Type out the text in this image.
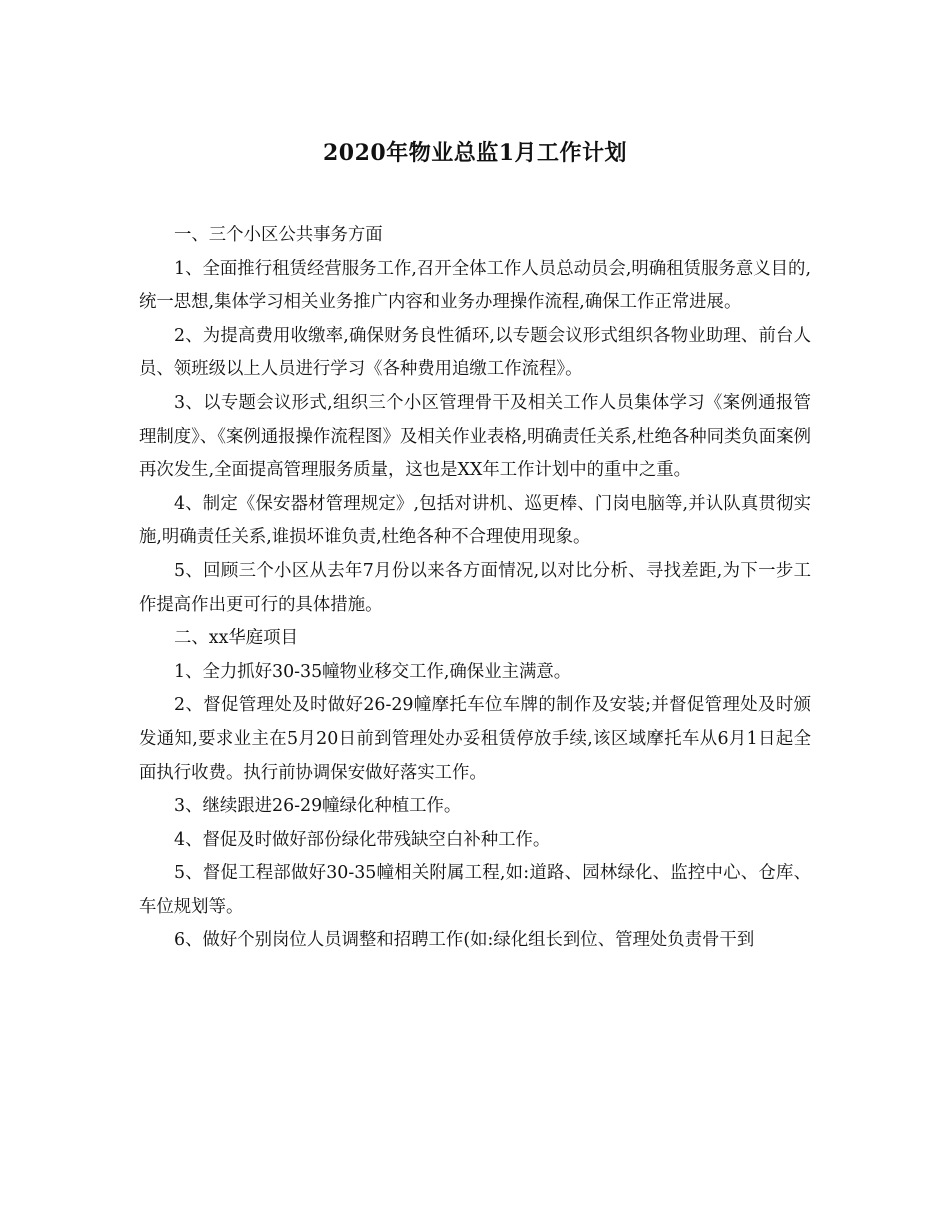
2020年物业总监1月工作计划

一、三个小区公共事务方面

1、全面推行租赁经营服务工作,召开全体工作人员总动员会,明确租赁服务意义目的,统一思想,集体学习相关业务推广内容和业务办理操作流程,确保工作正常进展。

2、为提高费用收缴率,确保财务良性循环,以专题会议形式组织各物业助理、前台人员、领班级以上人员进行学习《各种费用追缴工作流程》。

3、以专题会议形式,组织三个小区管理骨干及相关工作人员集体学习《案例通报管理制度》、《案例通报操作流程图》及相关作业表格,明确责任关系,杜绝各种同类负面案例再次发生,全面提高管理服务质量，这也是XX年工作计划中的重中之重。

4、制定《保安器材管理规定》,包括对讲机、巡更棒、门岗电脑等,并认队真贯彻实施,明确责任关系,谁损坏谁负责,杜绝各种不合理使用现象。

5、回顾三个小区从去年7月份以来各方面情况,以对比分析、寻找差距,为下一步工作提高作出更可行的具体措施。

二、xx华庭项目

1、全力抓好30-35幢物业移交工作,确保业主满意。

2、督促管理处及时做好26-29幢摩托车位车牌的制作及安装;并督促管理处及时颁发通知,要求业主在5月20日前到管理处办妥租赁停放手续,该区域摩托车从6月1日起全面执行收费。执行前协调保安做好落实工作。

3、继续跟进26-29幢绿化种植工作。

4、督促及时做好部份绿化带残缺空白补种工作。

5、督促工程部做好30-35幢相关附属工程,如:道路、园林绿化、监控中心、仓库、车位规划等。

6、做好个别岗位人员调整和招聘工作(如:绿化组长到位、管理处负责骨干到
